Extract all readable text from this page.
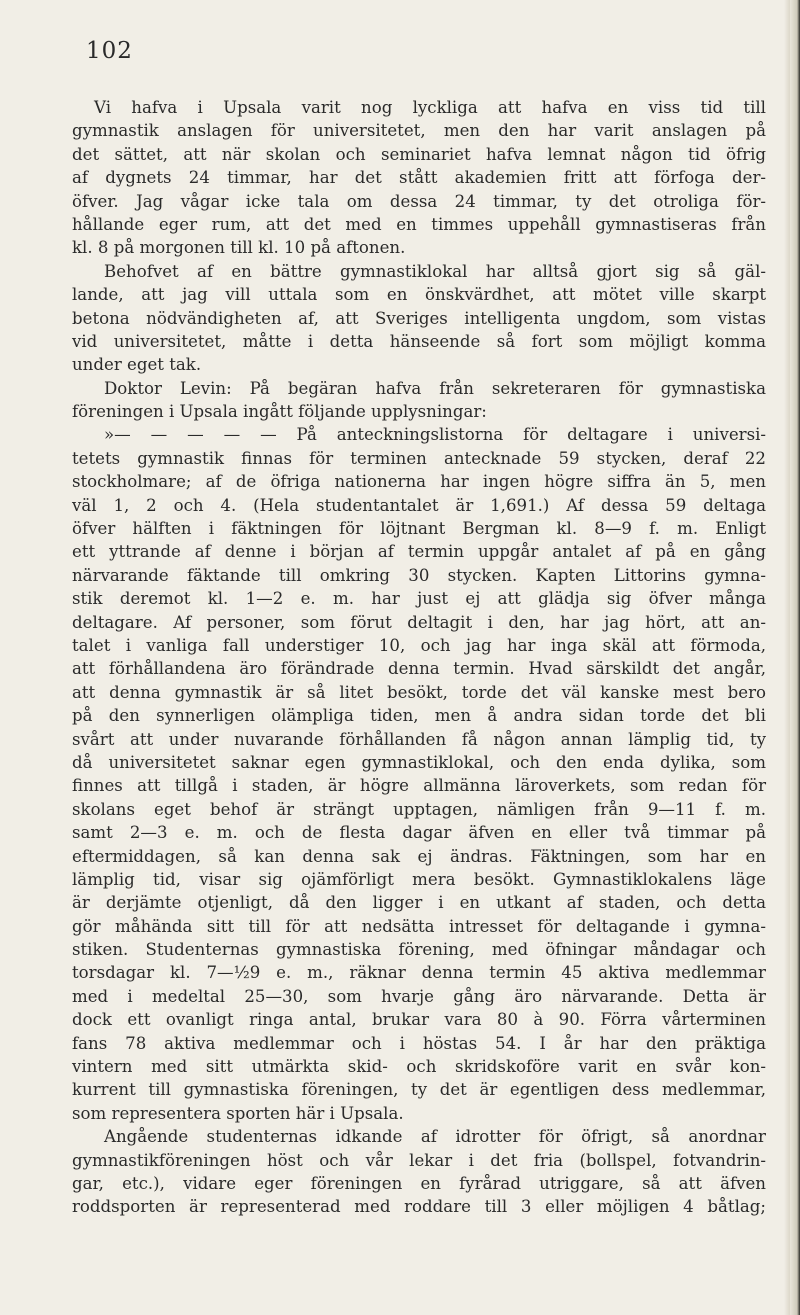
102
Vi hafva i Upsala varit nog lyckliga att hafva en viss tid till
gymnastik anslagen för universitetet, men den har varit anslagen på
det sättet, att när skolan och seminariet hafva lemnat någon tid öfrig
af dygnets 24 timmar, har det stått akademien fritt att förfoga der-
öfver. Jag vågar icke tala om dessa 24 timmar, ty det otroliga för-
hållande eger rum, att det med en timmes uppehåll gymnastiseras från
kl. 8 på morgonen till kl. 10 på aftonen.
Behofvet af en bättre gymnastiklokal har alltså gjort sig så gäl-
lande, att jag vill uttala som en önskvärdhet, att mötet ville skarpt
betona nödvändigheten af, att Sveriges intelligenta ungdom, som vistas
vid universitetet, måtte i detta hänseende så fort som möjligt komma
under eget tak.
Doktor Levin: På begäran hafva från sekreteraren för gymnastiska
föreningen i Upsala ingått följande upplysningar:
»— — — — — På anteckningslistorna för deltagare i universi-
tetets gymnastik finnas för terminen antecknade 59 stycken, deraf 22
stockholmare; af de öfriga nationerna har ingen högre siffra än 5, men
väl 1, 2 och 4. (Hela studentantalet är 1,691.) Af dessa 59 deltaga
öfver hälften i fäktningen för löjtnant Bergman kl. 8—9 f. m. Enligt
ett yttrande af denne i början af termin uppgår antalet af på en gång
närvarande fäktande till omkring 30 stycken. Kapten Littorins gymna-
stik deremot kl. 1—2 e. m. har just ej att glädja sig öfver många
deltagare. Af personer, som förut deltagit i den, har jag hört, att an-
talet i vanliga fall understiger 10, och jag har inga skäl att förmoda,
att förhållandena äro förändrade denna termin. Hvad särskildt det angår,
att denna gymnastik är så litet besökt, torde det väl kanske mest bero
på den synnerligen olämpliga tiden, men å andra sidan torde det bli
svårt att under nuvarande förhållanden få någon annan lämplig tid, ty
då universitetet saknar egen gymnastiklokal, och den enda dylika, som
finnes att tillgå i staden, är högre allmänna läroverkets, som redan för
skolans eget behof är strängt upptagen, nämligen från 9—11 f. m.
samt 2—3 e. m. och de flesta dagar äfven en eller två timmar på
eftermiddagen, så kan denna sak ej ändras. Fäktningen, som har en
lämplig tid, visar sig ojämförligt mera besökt. Gymnastiklokalens läge
är derjämte otjenligt, då den ligger i en utkant af staden, och detta
gör måhända sitt till för att nedsätta intresset för deltagande i gymna-
stiken. Studenternas gymnastiska förening, med öfningar måndagar och
torsdagar kl. 7—½9 e. m., räknar denna termin 45 aktiva medlemmar
med i medeltal 25—30, som hvarje gång äro närvarande. Detta är
dock ett ovanligt ringa antal, brukar vara 80 à 90. Förra vårterminen
fans 78 aktiva medlemmar och i höstas 54. I år har den präktiga
vintern med sitt utmärkta skid- och skridskoföre varit en svår kon-
kurrent till gymnastiska föreningen, ty det är egentligen dess medlemmar,
som representera sporten här i Upsala.
Angående studenternas idkande af idrotter för öfrigt, så anordnar
gymnastikföreningen höst och vår lekar i det fria (bollspel, fotvandrin-
gar, etc.), vidare eger föreningen en fyrårad utriggare, så att äfven
roddsporten är representerad med roddare till 3 eller möjligen 4 båtlag;
